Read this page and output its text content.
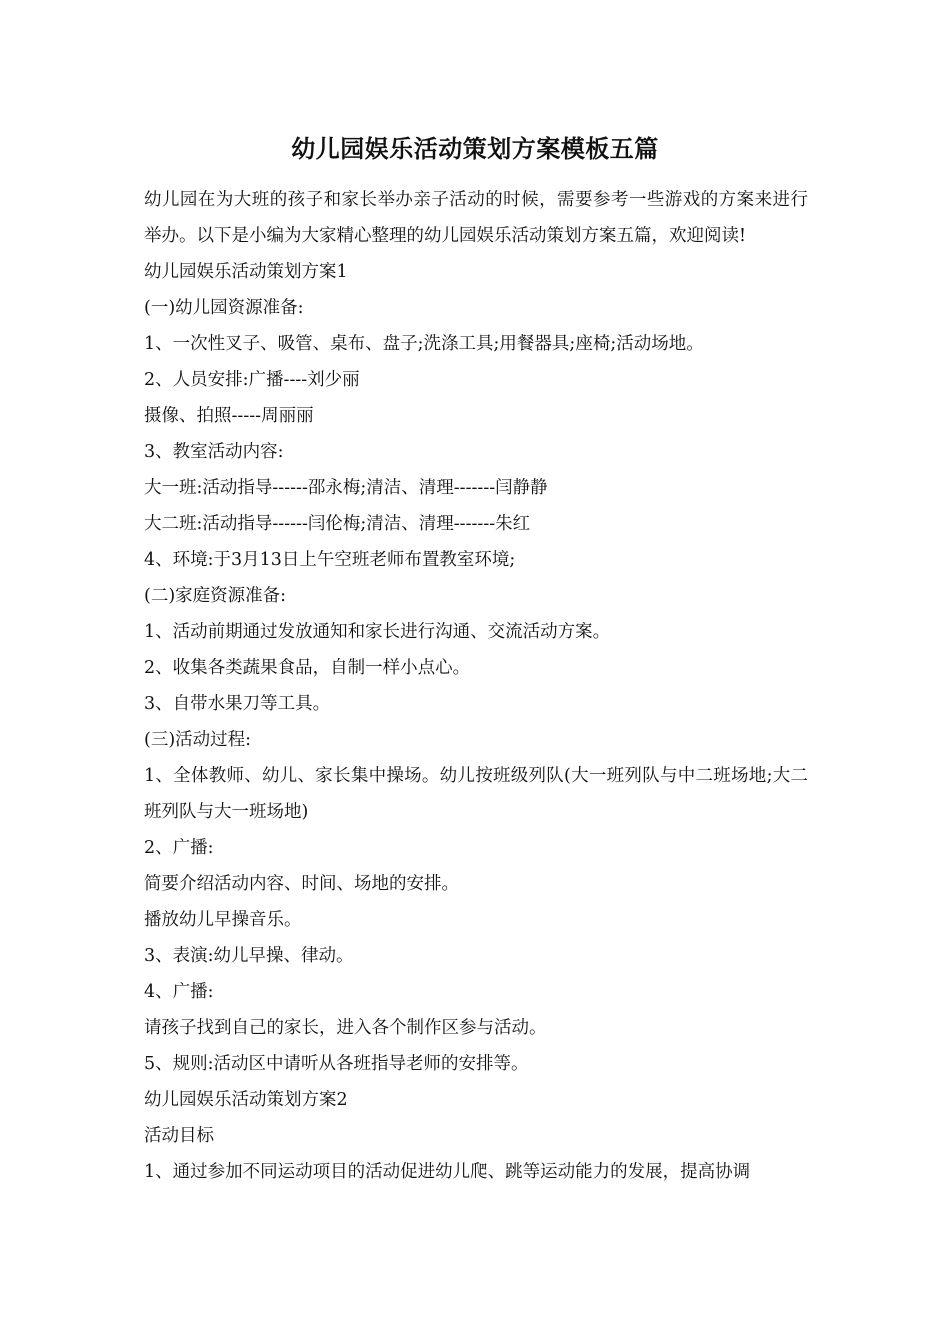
幼儿园娱乐活动策划方案模板五篇

幼儿园在为大班的孩子和家长举办亲子活动的时候，需要参考一些游戏的方案来进行举办。以下是小编为大家精心整理的幼儿园娱乐活动策划方案五篇，欢迎阅读!

幼儿园娱乐活动策划方案1

(一)幼儿园资源准备:

1、一次性叉子、吸管、桌布、盘子;洗涤工具;用餐器具;座椅;活动场地。

2、人员安排:广播----刘少丽

摄像、拍照-----周丽丽

3、教室活动内容:

大一班:活动指导------邵永梅;清洁、清理-------闫静静

大二班:活动指导------闫伦梅;清洁、清理-------朱红

4、环境:于3月13日上午空班老师布置教室环境;

(二)家庭资源准备:

1、活动前期通过发放通知和家长进行沟通、交流活动方案。

2、收集各类蔬果食品，自制一样小点心。

3、自带水果刀等工具。

(三)活动过程:

1、全体教师、幼儿、家长集中操场。幼儿按班级列队(大一班列队与中二班场地;大二班列队与大一班场地)

2、广播:

简要介绍活动内容、时间、场地的安排。

播放幼儿早操音乐。

3、表演:幼儿早操、律动。

4、广播:

请孩子找到自己的家长，进入各个制作区参与活动。

5、规则:活动区中请听从各班指导老师的安排等。

幼儿园娱乐活动策划方案2

活动目标

1、通过参加不同运动项目的活动促进幼儿爬、跳等运动能力的发展，提高协调
